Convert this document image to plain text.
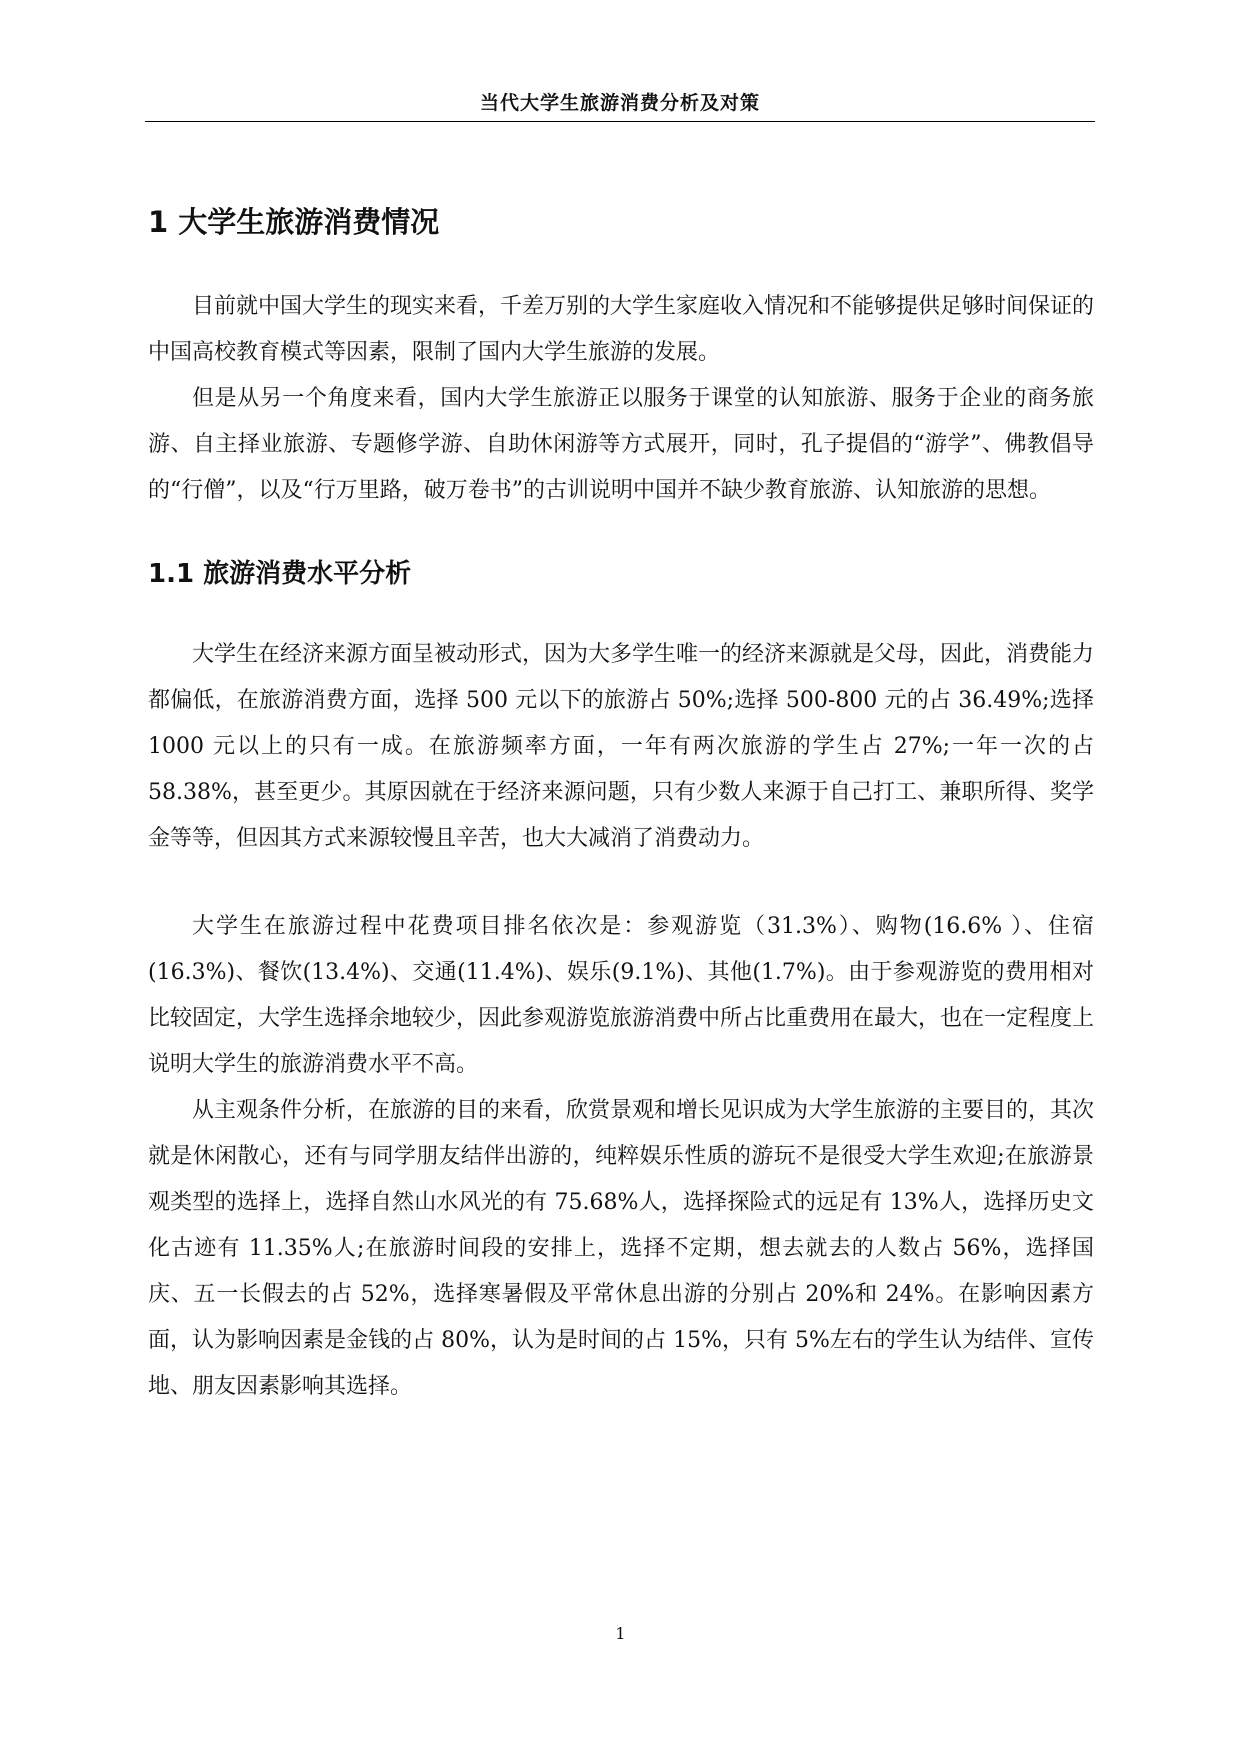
当代大学生旅游消费分析及对策
1 大学生旅游消费情况

目前就中国大学生的现实来看，千差万别的大学生家庭收入情况和不能够提供足够时间保证的中国高校教育模式等因素，限制了国内大学生旅游的发展。

但是从另一个角度来看，国内大学生旅游正以服务于课堂的认知旅游、服务于企业的商务旅游、自主择业旅游、专题修学游、自助休闲游等方式展开，同时，孔子提倡的“游学”、佛教倡导的“行僧”，以及“行万里路，破万卷书”的古训说明中国并不缺少教育旅游、认知旅游的思想。

1.1 旅游消费水平分析

大学生在经济来源方面呈被动形式，因为大多学生唯一的经济来源就是父母，因此，消费能力都偏低，在旅游消费方面，选择 500 元以下的旅游占 50%;选择 500-800 元的占 36.49%;选择 1000 元以上的只有一成。在旅游频率方面，一年有两次旅游的学生占 27%;一年一次的占 58.38%，甚至更少。其原因就在于经济来源问题，只有少数人来源于自己打工、兼职所得、奖学金等等，但因其方式来源较慢且辛苦，也大大减消了消费动力。

大学生在旅游过程中花费项目排名依次是：参观游览（31.3%）、购物(16.6% ）、住宿(16.3%)、餐饮(13.4%)、交通(11.4%)、娱乐(9.1%)、其他(1.7%)。由于参观游览的费用相对比较固定，大学生选择余地较少，因此参观游览旅游消费中所占比重费用在最大，也在一定程度上说明大学生的旅游消费水平不高。

从主观条件分析，在旅游的目的来看，欣赏景观和增长见识成为大学生旅游的主要目的，其次就是休闲散心，还有与同学朋友结伴出游的，纯粹娱乐性质的游玩不是很受大学生欢迎;在旅游景观类型的选择上，选择自然山水风光的有 75.68%人，选择探险式的远足有 13%人，选择历史文化古迹有 11.35%人;在旅游时间段的安排上，选择不定期，想去就去的人数占 56%，选择国庆、五一长假去的占 52%，选择寒暑假及平常休息出游的分别占 20%和 24%。在影响因素方面，认为影响因素是金钱的占 80%，认为是时间的占 15%，只有 5%左右的学生认为结伴、宣传地、朋友因素影响其选择。

1
